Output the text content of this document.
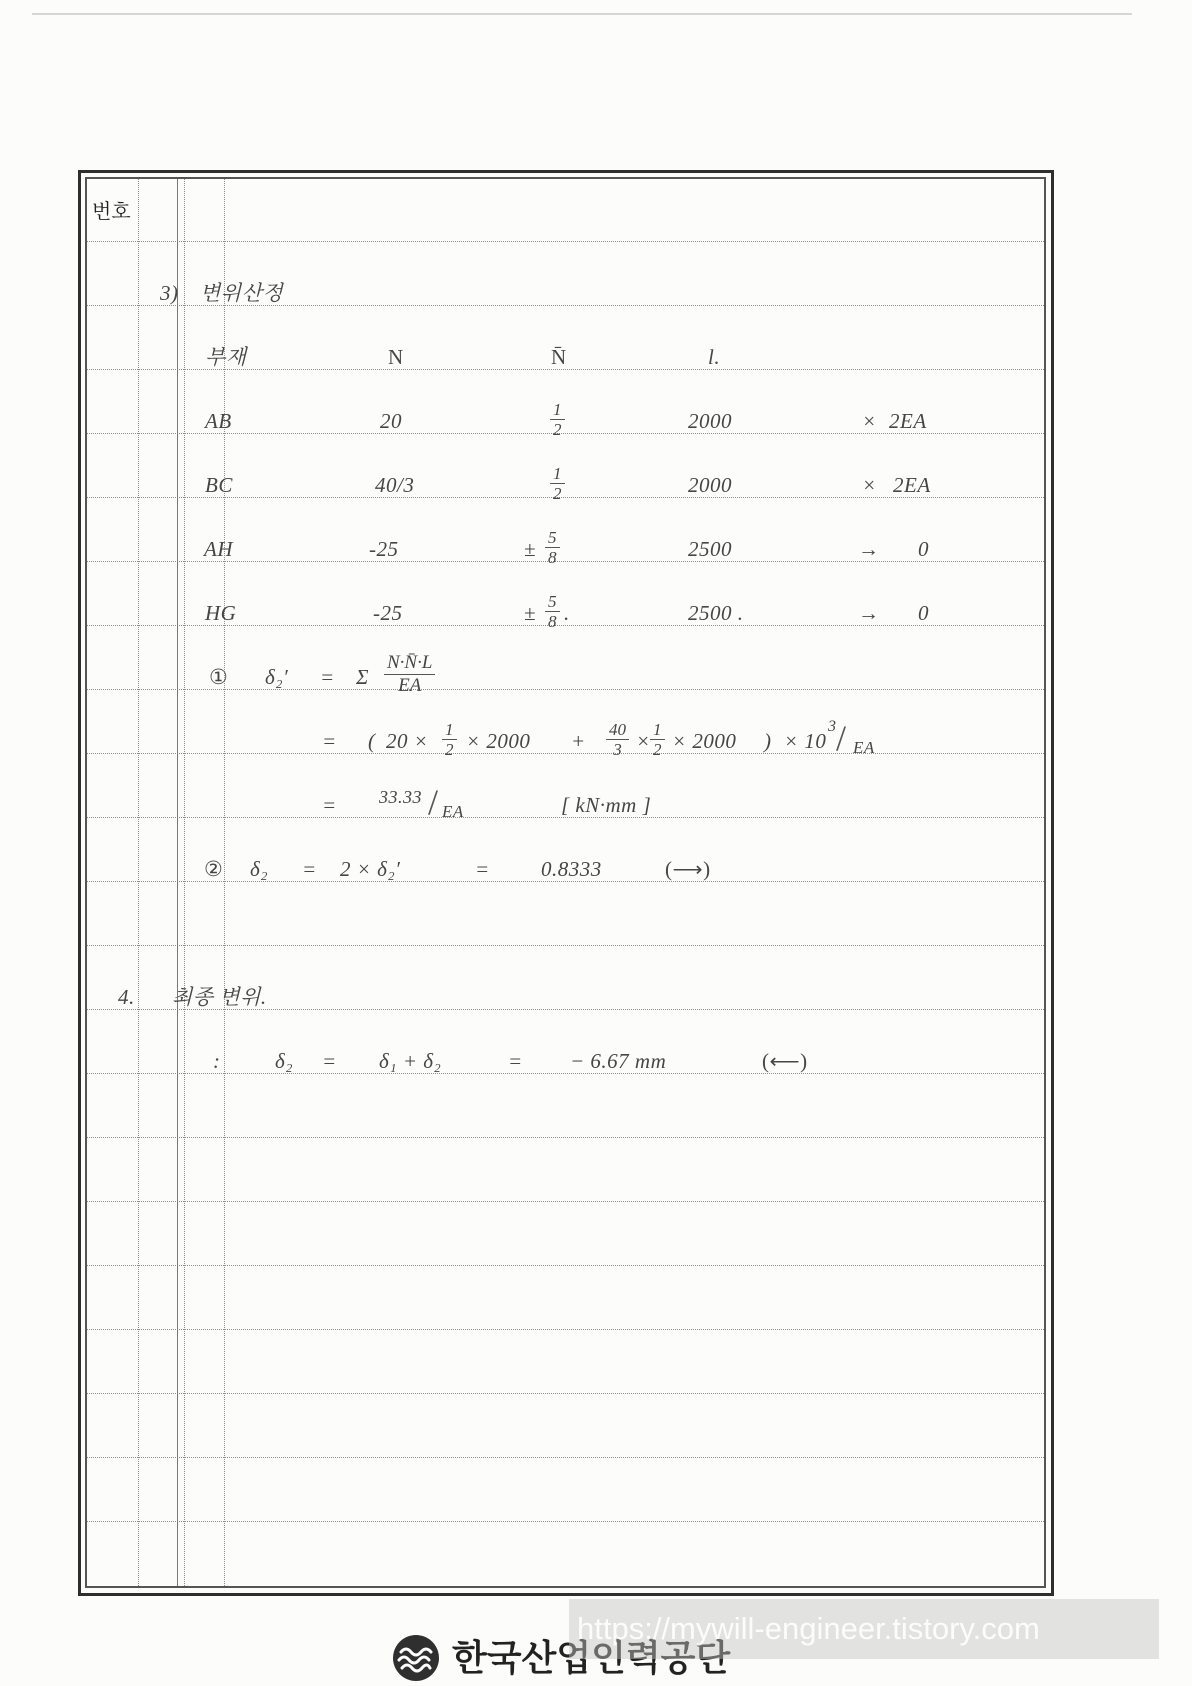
번호
3) 변위산정
부재	N	N̄	l.
AB	20	$\frac{1}{2}$	2000	× 2EA
BC	40/3	$\frac{1}{2}$	2000	× 2EA
AH	-25	± $\frac{5}{8}$	2500	→ 0
HG	-25	± $\frac{5}{8}$ .	2500 .	→ 0
① δ₂′ = Σ $\frac{N\cdot N̄\cdot L}{EA}$
= ( $20 \times \frac{1}{2} \times 2000 + \frac{40}{3} \times \frac{1}{2} \times 2000$ ) × 10
3 / EA
= 33.33 / EA	[ kN·mm ]
② δ₂ = 2 × δ₂′	= 0.8333	(⟶)
4. 최종 변위.
:	δ₂ = δ₁ + δ₂	= − 6.67 mm	(⟵)
한국산업인력공단
https://mywill-engineer.tistory.com
